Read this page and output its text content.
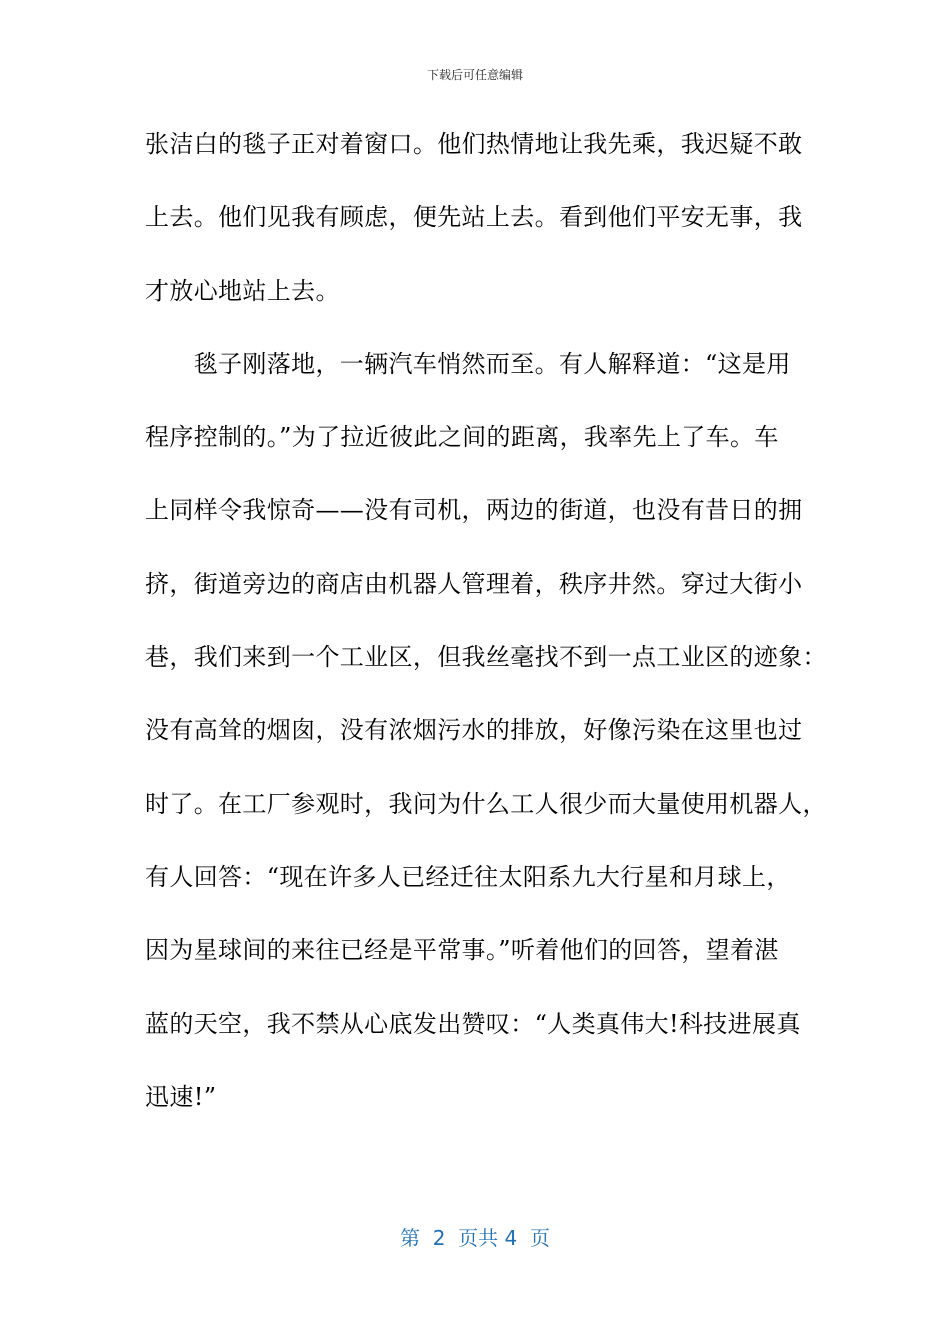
下载后可任意编辑
张洁白的毯子正对着窗口。他们热情地让我先乘，我迟疑不敢
上去。他们见我有顾虑，便先站上去。看到他们平安无事，我
才放心地站上去。
　　毯子刚落地，一辆汽车悄然而至。有人解释道：“这是用
程序控制的。”为了拉近彼此之间的距离，我率先上了车。车
上同样令我惊奇——没有司机，两边的街道，也没有昔日的拥
挤，街道旁边的商店由机器人管理着，秩序井然。穿过大街小
巷，我们来到一个工业区，但我丝毫找不到一点工业区的迹象：
没有高耸的烟囱，没有浓烟污水的排放，好像污染在这里也过
时了。在工厂参观时，我问为什么工人很少而大量使用机器人，
有人回答：“现在许多人已经迁往太阳系九大行星和月球上，
因为星球间的来往已经是平常事。”听着他们的回答，望着湛
蓝的天空，我不禁从心底发出赞叹：“人类真伟大!科技进展真
迅速!”
第  2  页共 4  页
